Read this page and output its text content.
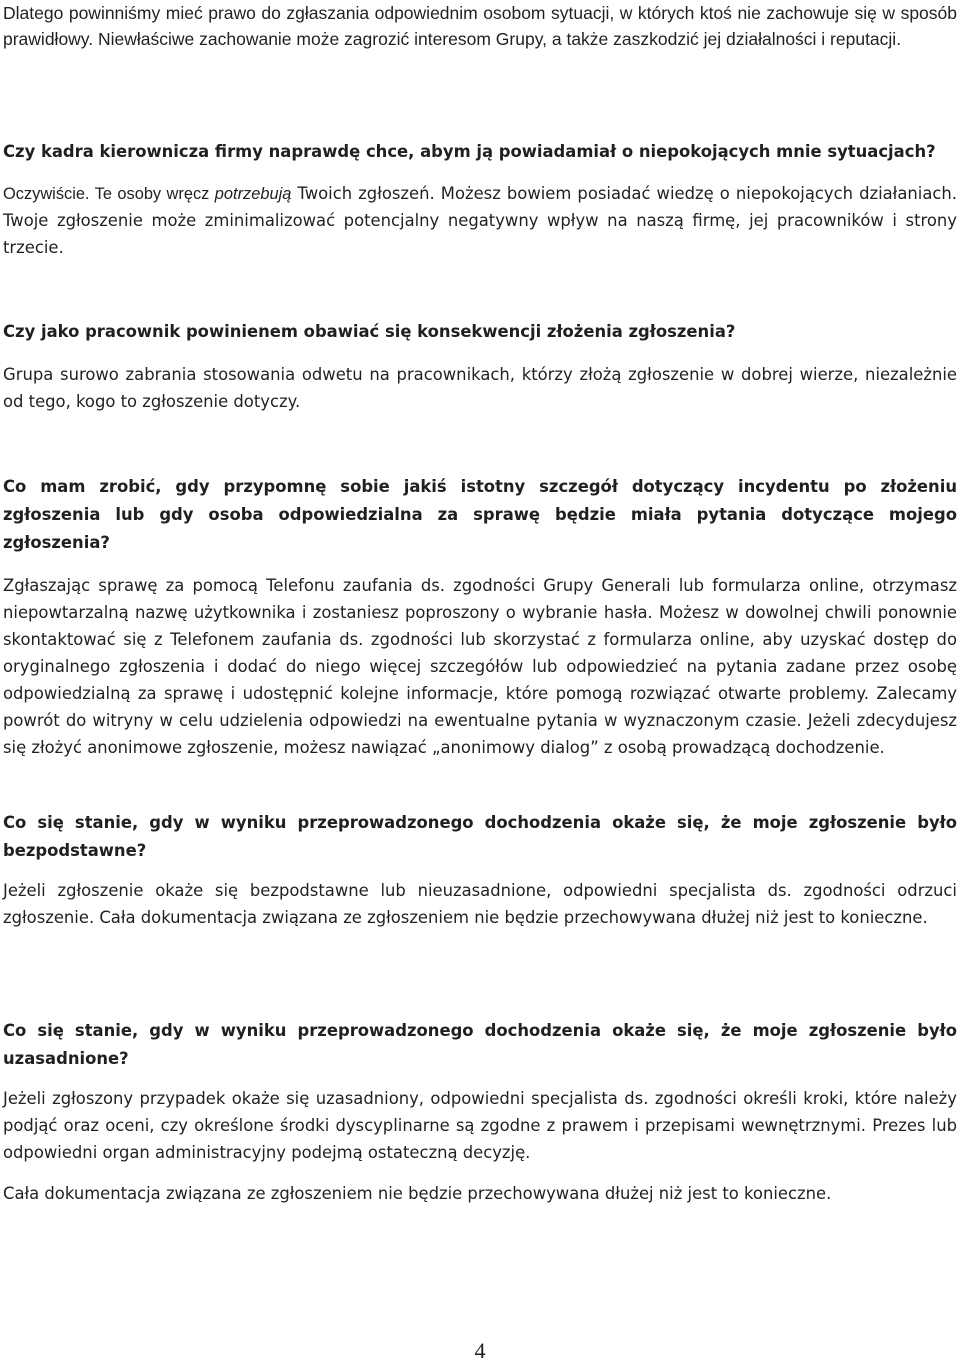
Dlatego powinniśmy mieć prawo do zgłaszania odpowiednim osobom sytuacji, w których ktoś nie zachowuje się w sposób prawidłowy. Niewłaściwe zachowanie może zagrozić interesom Grupy, a także zaszkodzić jej działalności i reputacji.

Czy kadra kierownicza firmy naprawdę chce, abym ją powiadamiał o niepokojących mnie sytuacjach?

Oczywiście. Te osoby wręcz potrzebują Twoich zgłoszeń. Możesz bowiem posiadać wiedzę o niepokojących działaniach. Twoje zgłoszenie może zminimalizować potencjalny negatywny wpływ na naszą firmę, jej pracowników i strony trzecie.

Czy jako pracownik powinienem obawiać się konsekwencji złożenia zgłoszenia?

Grupa surowo zabrania stosowania odwetu na pracownikach, którzy złożą zgłoszenie w dobrej wierze, niezależnie od tego, kogo to zgłoszenie dotyczy.

Co mam zrobić, gdy przypomnę sobie jakiś istotny szczegół dotyczący incydentu po złożeniu zgłoszenia lub gdy osoba odpowiedzialna za sprawę będzie miała pytania dotyczące mojego zgłoszenia?

Zgłaszając sprawę za pomocą Telefonu zaufania ds. zgodności Grupy Generali lub formularza online, otrzymasz niepowtarzalną nazwę użytkownika i zostaniesz poproszony o wybranie hasła. Możesz w dowolnej chwili ponownie skontaktować się z Telefonem zaufania ds. zgodności lub skorzystać z formularza online, aby uzyskać dostęp do oryginalnego zgłoszenia i dodać do niego więcej szczegółów lub odpowiedzieć na pytania zadane przez osobę odpowiedzialną za sprawę i udostępnić kolejne informacje, które pomogą rozwiązać otwarte problemy. Zalecamy powrót do witryny w celu udzielenia odpowiedzi na ewentualne pytania w wyznaczonym czasie. Jeżeli zdecydujesz się złożyć anonimowe zgłoszenie, możesz nawiązać „anonimowy dialog” z osobą prowadzącą dochodzenie.

Co się stanie, gdy w wyniku przeprowadzonego dochodzenia okaże się, że moje zgłoszenie było bezpodstawne?

Jeżeli zgłoszenie okaże się bezpodstawne lub nieuzasadnione, odpowiedni specjalista ds. zgodności odrzuci zgłoszenie. Cała dokumentacja związana ze zgłoszeniem nie będzie przechowywana dłużej niż jest to konieczne.

Co się stanie, gdy w wyniku przeprowadzonego dochodzenia okaże się, że moje zgłoszenie było uzasadnione?

Jeżeli zgłoszony przypadek okaże się uzasadniony, odpowiedni specjalista ds. zgodności określi kroki, które należy podjąć oraz oceni, czy określone środki dyscyplinarne są zgodne z prawem i przepisami wewnętrznymi. Prezes lub odpowiedni organ administracyjny podejmą ostateczną decyzję.

Cała dokumentacja związana ze zgłoszeniem nie będzie przechowywana dłużej niż jest to konieczne.

4
